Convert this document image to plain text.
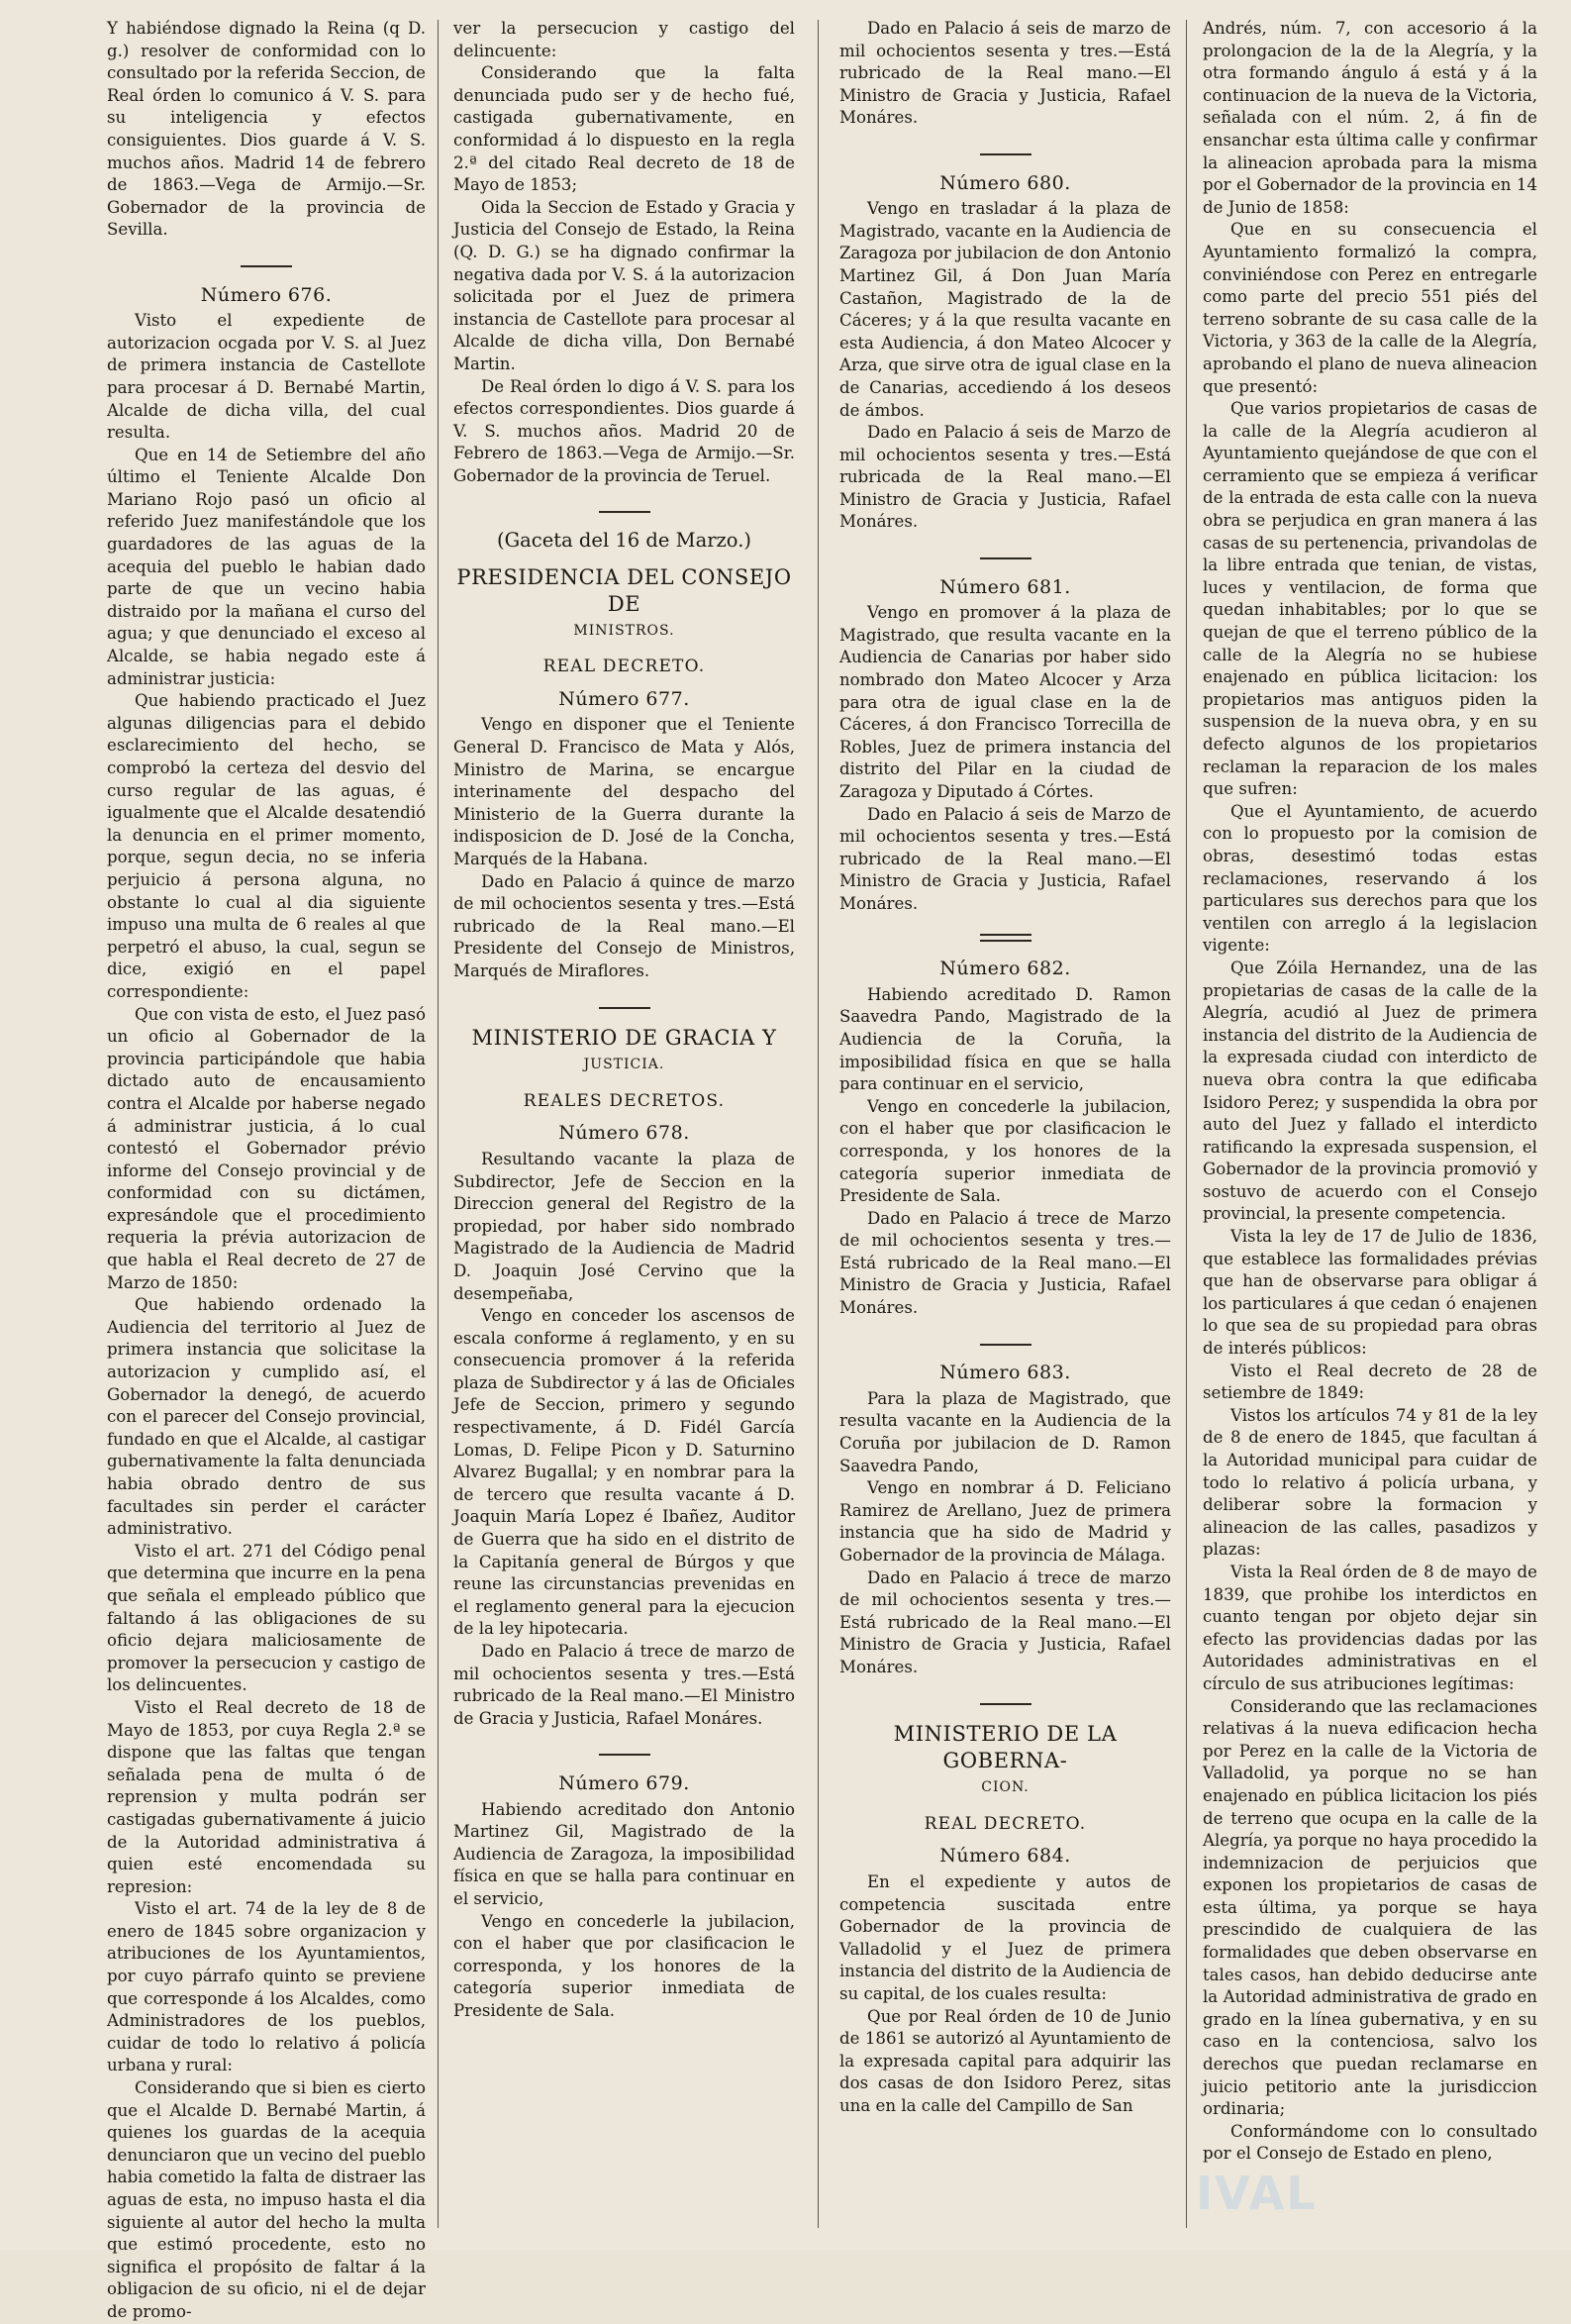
Y habiéndose dignado la Reina (q D. g.) resolver de conformidad con lo consultado por la referida Seccion, de Real órden lo comunico á V. S. para su inteligencia y efectos consiguientes. Dios guarde á V. S. muchos años. Madrid 14 de febrero de 1863.—Vega de Armijo.—Sr. Gobernador de la provincia de Sevilla.

Número 676.

Visto el expediente de autorizacion ocgada por V. S. al Juez de primera instancia de Castellote para procesar á D. Bernabé Martin, Alcalde de dicha villa, del cual resulta.

Que en 14 de Setiembre del año último el Teniente Alcalde Don Mariano Rojo pasó un oficio al referido Juez manifestándole que los guardadores de las aguas de la acequia del pueblo le habian dado parte de que un vecino habia distraido por la mañana el curso del agua; y que denunciado el exceso al Alcalde, se habia negado este á administrar justicia:

Que habiendo practicado el Juez algunas diligencias para el debido esclarecimiento del hecho, se comprobó la certeza del desvio del curso regular de las aguas, é igualmente que el Alcalde desatendió la denuncia en el primer momento, porque, segun decia, no se inferia perjuicio á persona alguna, no obstante lo cual al dia siguiente impuso una multa de 6 reales al que perpetró el abuso, la cual, segun se dice, exigió en el papel correspondiente:

Que con vista de esto, el Juez pasó un oficio al Gobernador de la provincia participándole que habia dictado auto de encausamiento contra el Alcalde por haberse negado á administrar justicia, á lo cual contestó el Gobernador prévio informe del Consejo provincial y de conformidad con su dictámen, expresándole que el procedimiento requeria la prévia autorizacion de que habla el Real decreto de 27 de Marzo de 1850:

Que habiendo ordenado la Audiencia del territorio al Juez de primera instancia que solicitase la autorizacion y cumplido así, el Gobernador la denegó, de acuerdo con el parecer del Consejo provincial, fundado en que el Alcalde, al castigar gubernativamente la falta denunciada habia obrado dentro de sus facultades sin perder el carácter administrativo.

Visto el art. 271 del Código penal que determina que incurre en la pena que señala el empleado público que faltando á las obligaciones de su oficio dejara maliciosamente de promover la persecucion y castigo de los delincuentes.

Visto el Real decreto de 18 de Mayo de 1853, por cuya Regla 2.ª se dispone que las faltas que tengan señalada pena de multa ó de reprension y multa podrán ser castigadas gubernativamente á juicio de la Autoridad administrativa á quien esté encomendada su represion:

Visto el art. 74 de la ley de 8 de enero de 1845 sobre organizacion y atribuciones de los Ayuntamientos, por cuyo párrafo quinto se previene que corresponde á los Alcaldes, como Administradores de los pueblos, cuidar de todo lo relativo á policía urbana y rural:

Considerando que si bien es cierto que el Alcalde D. Bernabé Martin, á quienes los guardas de la acequia denunciaron que un vecino del pueblo habia cometido la falta de distraer las aguas de esta, no impuso hasta el dia siguiente al autor del hecho la multa que estimó procedente, esto no significa el propósito de faltar á la obligacion de su oficio, ni el de dejar de promo-

ver la persecucion y castigo del delincuente:

Considerando que la falta denunciada pudo ser y de hecho fué, castigada gubernativamente, en conformidad á lo dispuesto en la regla 2.ª del citado Real decreto de 18 de Mayo de 1853;

Oida la Seccion de Estado y Gracia y Justicia del Consejo de Estado, la Reina (Q. D. G.) se ha dignado confirmar la negativa dada por V. S. á la autorizacion solicitada por el Juez de primera instancia de Castellote para procesar al Alcalde de dicha villa, Don Bernabé Martin.

De Real órden lo digo á V. S. para los efectos correspondientes. Dios guarde á V. S. muchos años. Madrid 20 de Febrero de 1863.—Vega de Armijo.—Sr. Gobernador de la provincia de Teruel.

(Gaceta del 16 de Marzo.)
PRESIDENCIA DEL CONSEJO DE
MINISTROS.
REAL DECRETO.
Número 677.

Vengo en disponer que el Teniente General D. Francisco de Mata y Alós, Ministro de Marina, se encargue interinamente del despacho del Ministerio de la Guerra durante la indisposicion de D. José de la Concha, Marqués de la Habana.

Dado en Palacio á quince de marzo de mil ochocientos sesenta y tres.—Está rubricado de la Real mano.—El Presidente del Consejo de Ministros, Marqués de Miraflores.

MINISTERIO DE GRACIA Y
JUSTICIA.
REALES DECRETOS.
Número 678.

Resultando vacante la plaza de Subdirector, Jefe de Seccion en la Direccion general del Registro de la propiedad, por haber sido nombrado Magistrado de la Audiencia de Madrid D. Joaquin José Cervino que la desempeñaba,

Vengo en conceder los ascensos de escala conforme á reglamento, y en su consecuencia promover á la referida plaza de Subdirector y á las de Oficiales Jefe de Seccion, primero y segundo respectivamente, á D. Fidél García Lomas, D. Felipe Picon y D. Saturnino Alvarez Bugallal; y en nombrar para la de tercero que resulta vacante á D. Joaquin María Lopez é Ibañez, Auditor de Guerra que ha sido en el distrito de la Capitanía general de Búrgos y que reune las circunstancias prevenidas en el reglamento general para la ejecucion de la ley hipotecaria.

Dado en Palacio á trece de marzo de mil ochocientos sesenta y tres.—Está rubricado de la Real mano.—El Ministro de Gracia y Justicia, Rafael Monáres.

Número 679.

Habiendo acreditado don Antonio Martinez Gil, Magistrado de la Audiencia de Zaragoza, la imposibilidad física en que se halla para continuar en el servicio,

Vengo en concederle la jubilacion, con el haber que por clasificacion le corresponda, y los honores de la categoría superior inmediata de Presidente de Sala.

Dado en Palacio á seis de marzo de mil ochocientos sesenta y tres.—Está rubricado de la Real mano.—El Ministro de Gracia y Justicia, Rafael Monáres.

Número 680.

Vengo en trasladar á la plaza de Magistrado, vacante en la Audiencia de Zaragoza por jubilacion de don Antonio Martinez Gil, á Don Juan María Castañon, Magistrado de la de Cáceres; y á la que resulta vacante en esta Audiencia, á don Mateo Alcocer y Arza, que sirve otra de igual clase en la de Canarias, accediendo á los deseos de ámbos.

Dado en Palacio á seis de Marzo de mil ochocientos sesenta y tres.—Está rubricada de la Real mano.—El Ministro de Gracia y Justicia, Rafael Monáres.

Número 681.

Vengo en promover á la plaza de Magistrado, que resulta vacante en la Audiencia de Canarias por haber sido nombrado don Mateo Alcocer y Arza para otra de igual clase en la de Cáceres, á don Francisco Torrecilla de Robles, Juez de primera instancia del distrito del Pilar en la ciudad de Zaragoza y Diputado á Córtes.

Dado en Palacio á seis de Marzo de mil ochocientos sesenta y tres.—Está rubricado de la Real mano.—El Ministro de Gracia y Justicia, Rafael Monáres.

Número 682.

Habiendo acreditado D. Ramon Saavedra Pando, Magistrado de la Audiencia de la Coruña, la imposibilidad física en que se halla para continuar en el servicio,

Vengo en concederle la jubilacion, con el haber que por clasificacion le corresponda, y los honores de la categoría superior inmediata de Presidente de Sala.

Dado en Palacio á trece de Marzo de mil ochocientos sesenta y tres.—Está rubricado de la Real mano.—El Ministro de Gracia y Justicia, Rafael Monáres.

Número 683.

Para la plaza de Magistrado, que resulta vacante en la Audiencia de la Coruña por jubilacion de D. Ramon Saavedra Pando,

Vengo en nombrar á D. Feliciano Ramirez de Arellano, Juez de primera instancia que ha sido de Madrid y Gobernador de la provincia de Málaga.

Dado en Palacio á trece de marzo de mil ochocientos sesenta y tres.—Está rubricado de la Real mano.—El Ministro de Gracia y Justicia, Rafael Monáres.

MINISTERIO DE LA GOBERNA-
CION.
REAL DECRETO.
Número 684.

En el expediente y autos de competencia suscitada entre Gobernador de la provincia de Valladolid y el Juez de primera instancia del distrito de la Audiencia de su capital, de los cuales resulta:

Que por Real órden de 10 de Junio de 1861 se autorizó al Ayuntamiento de la expresada capital para adquirir las dos casas de don Isidoro Perez, sitas una en la calle del Campillo de San

Andrés, núm. 7, con accesorio á la prolongacion de la de la Alegría, y la otra formando ángulo á está y á la continuacion de la nueva de la Victoria, señalada con el núm. 2, á fin de ensanchar esta última calle y confirmar la alineacion aprobada para la misma por el Gobernador de la provincia en 14 de Junio de 1858:

Que en su consecuencia el Ayuntamiento formalizó la compra, conviniéndose con Perez en entregarle como parte del precio 551 piés del terreno sobrante de su casa calle de la Victoria, y 363 de la calle de la Alegría, aprobando el plano de nueva alineacion que presentó:

Que varios propietarios de casas de la calle de la Alegría acudieron al Ayuntamiento quejándose de que con el cerramiento que se empieza á verificar de la entrada de esta calle con la nueva obra se perjudica en gran manera á las casas de su pertenencia, privandolas de la libre entrada que tenian, de vistas, luces y ventilacion, de forma que quedan inhabitables; por lo que se quejan de que el terreno público de la calle de la Alegría no se hubiese enajenado en pública licitacion: los propietarios mas antiguos piden la suspension de la nueva obra, y en su defecto algunos de los propietarios reclaman la reparacion de los males que sufren:

Que el Ayuntamiento, de acuerdo con lo propuesto por la comision de obras, desestimó todas estas reclamaciones, reservando á los particulares sus derechos para que los ventilen con arreglo á la legislacion vigente:

Que Zóila Hernandez, una de las propietarias de casas de la calle de la Alegría, acudió al Juez de primera instancia del distrito de la Audiencia de la expresada ciudad con interdicto de nueva obra contra la que edificaba Isidoro Perez; y suspendida la obra por auto del Juez y fallado el interdicto ratificando la expresada suspension, el Gobernador de la provincia promovió y sostuvo de acuerdo con el Consejo provincial, la presente competencia.

Vista la ley de 17 de Julio de 1836, que establece las formalidades prévias que han de observarse para obligar á los particulares á que cedan ó enajenen lo que sea de su propiedad para obras de interés públicos:

Visto el Real decreto de 28 de setiembre de 1849:

Vistos los artículos 74 y 81 de la ley de 8 de enero de 1845, que facultan á la Autoridad municipal para cuidar de todo lo relativo á policía urbana, y deliberar sobre la formacion y alineacion de las calles, pasadizos y plazas:

Vista la Real órden de 8 de mayo de 1839, que prohibe los interdictos en cuanto tengan por objeto dejar sin efecto las providencias dadas por las Autoridades administrativas en el círculo de sus atribuciones legítimas:

Considerando que las reclamaciones relativas á la nueva edificacion hecha por Perez en la calle de la Victoria de Valladolid, ya porque no se han enajenado en pública licitacion los piés de terreno que ocupa en la calle de la Alegría, ya porque no haya procedido la indemnizacion de perjuicios que exponen los propietarios de casas de esta última, ya porque se haya prescindido de cualquiera de las formalidades que deben observarse en tales casos, han debido deducirse ante la Autoridad administrativa de grado en grado en la línea gubernativa, y en su caso en la contenciosa, salvo los derechos que puedan reclamarse en juicio petitorio ante la jurisdiccion ordinaria;

Conformándome con lo consultado por el Consejo de Estado en pleno,

IVAL
